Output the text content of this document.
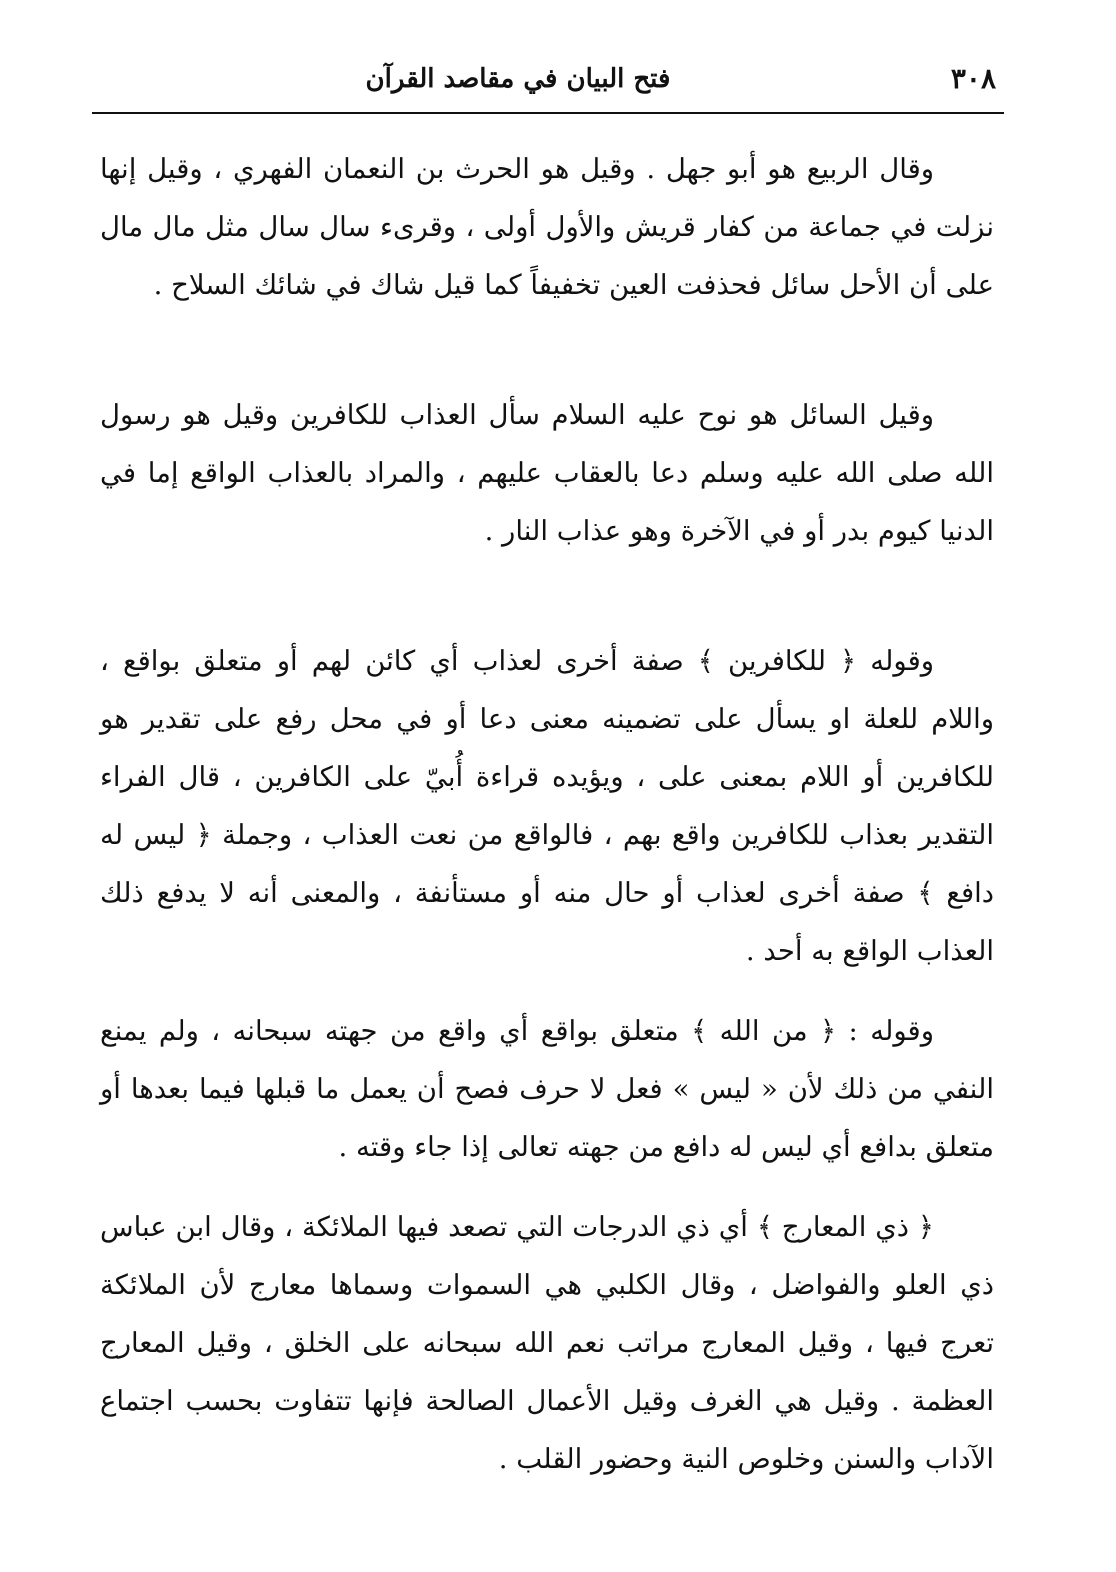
٣٠٨
فتح البيان في مقاصد القرآن

وقال الربيع هو أبو جهل . وقيل هو الحرث بن النعمان الفهري ، وقيل إنها نزلت في جماعة من كفار قريش والأول أولى ، وقرىء سال سال مثل مال مال على أن الأحل سائل فحذفت العين تخفيفاً كما قيل شاك في شائك السلاح .

وقيل السائل هو نوح عليه السلام سأل العذاب للكافرين وقيل هو رسول الله صلى الله عليه وسلم دعا بالعقاب عليهم ، والمراد بالعذاب الواقع إما في الدنيا كيوم بدر أو في الآخرة وهو عذاب النار .

وقوله ﴿ للكافرين ﴾ صفة أخرى لعذاب أي كائن لهم أو متعلق بواقع ، واللام للعلة او يسأل على تضمينه معنى دعا أو في محل رفع على تقدير هو للكافرين أو اللام بمعنى على ، ويؤيده قراءة أُبيّ على الكافرين ، قال الفراء التقدير بعذاب للكافرين واقع بهم ، فالواقع من نعت العذاب ، وجملة ﴿ ليس له دافع ﴾ صفة أخرى لعذاب أو حال منه أو مستأنفة ، والمعنى أنه لا يدفع ذلك العذاب الواقع به أحد .

وقوله : ﴿ من الله ﴾ متعلق بواقع أي واقع من جهته سبحانه ، ولم يمنع النفي من ذلك لأن « ليس » فعل لا حرف فصح أن يعمل ما قبلها فيما بعدها أو متعلق بدافع أي ليس له دافع من جهته تعالى إذا جاء وقته .

﴿ ذي المعارج ﴾ أي ذي الدرجات التي تصعد فيها الملائكة ، وقال ابن عباس ذي العلو والفواضل ، وقال الكلبي هي السموات وسماها معارج لأن الملائكة تعرج فيها ، وقيل المعارج مراتب نعم الله سبحانه على الخلق ، وقيل المعارج العظمة . وقيل هي الغرف وقيل الأعمال الصالحة فإنها تتفاوت بحسب اجتماع الآداب والسنن وخلوص النية وحضور القلب .
